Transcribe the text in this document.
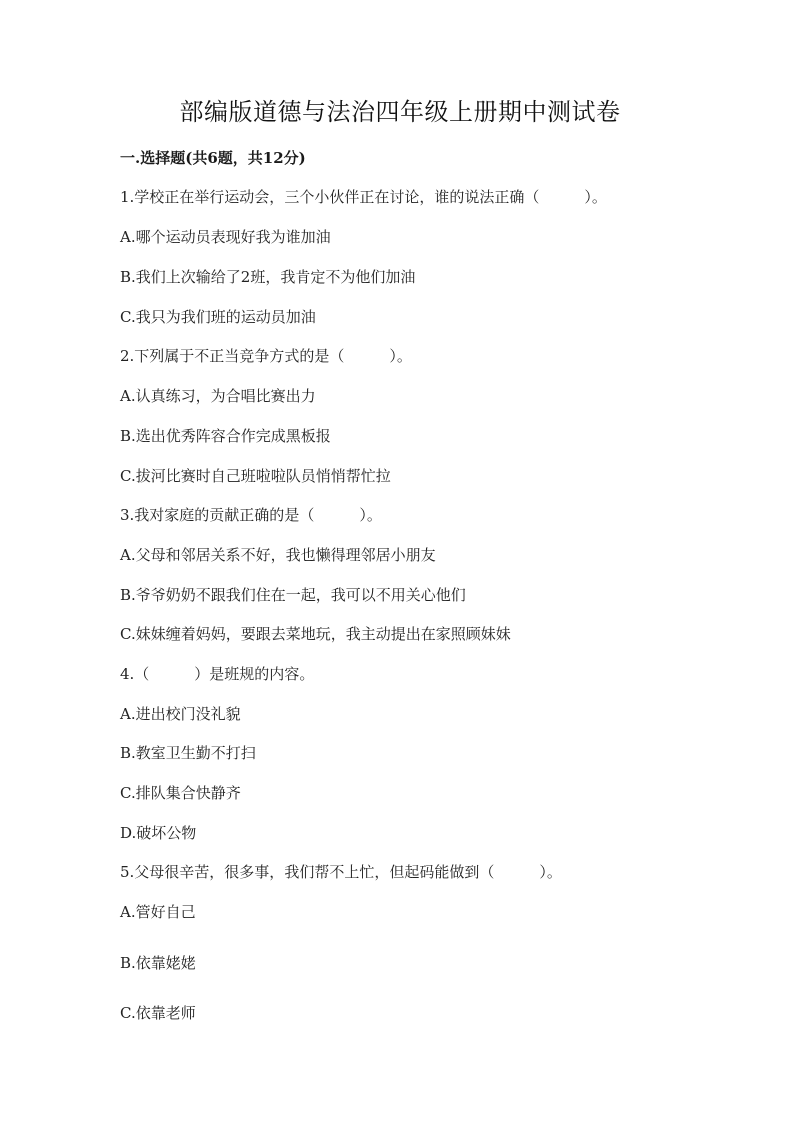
部编版道德与法治四年级上册期中测试卷
一.选择题(共6题，共12分)
1.学校正在举行运动会，三个小伙伴正在讨论，谁的说法正确（　　　）。
A.哪个运动员表现好我为谁加油
B.我们上次输给了2班，我肯定不为他们加油
C.我只为我们班的运动员加油
2.下列属于不正当竞争方式的是（　　　）。
A.认真练习，为合唱比赛出力
B.选出优秀阵容合作完成黑板报
C.拔河比赛时自己班啦啦队员悄悄帮忙拉
3.我对家庭的贡献正确的是（　　　）。
A.父母和邻居关系不好，我也懒得理邻居小朋友
B.爷爷奶奶不跟我们住在一起，我可以不用关心他们
C.妹妹缠着妈妈，要跟去菜地玩，我主动提出在家照顾妹妹
4.（　　　）是班规的内容。
A.进出校门没礼貌
B.教室卫生勤不打扫
C.排队集合快静齐
D.破坏公物
5.父母很辛苦，很多事，我们帮不上忙，但起码能做到（　　　）。
A.管好自己
B.依靠姥姥
C.依靠老师
